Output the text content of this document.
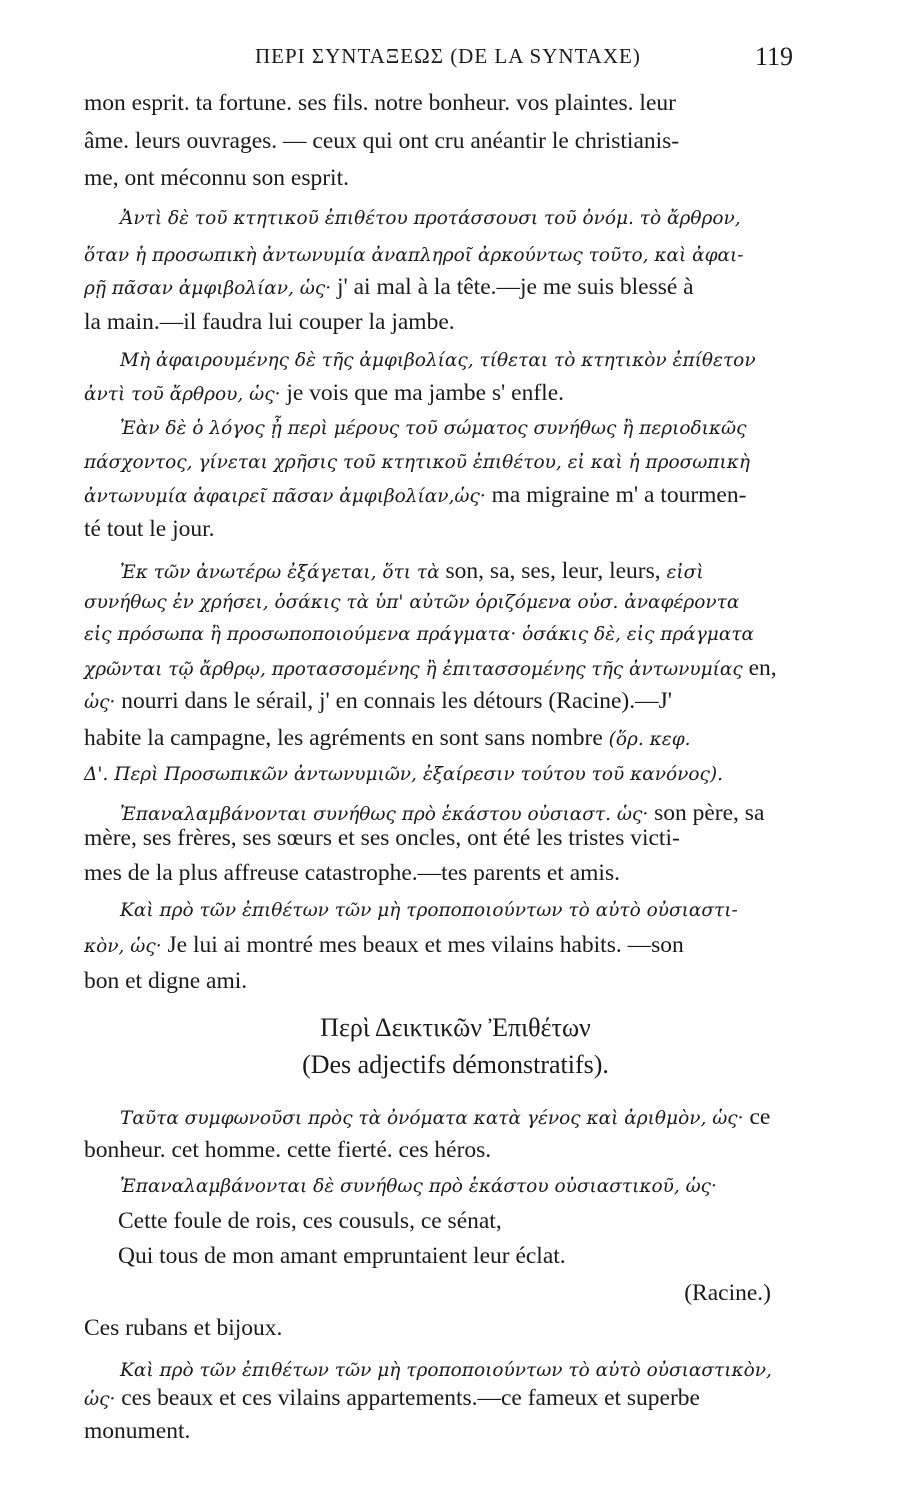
ΠΕΡΙ ΣΥΝΤΑΞΕΩΣ (DE LA SYNTAXE)	119
mon esprit. ta fortune. ses fils. notre bonheur. vos plaintes. leur
âme. leurs ouvrages. — ceux qui ont cru anéantir le christianis-
me, ont méconnu son esprit.
Ἀντὶ δὲ τοῦ κτητικοῦ ἐπιθέτου προτάσσουσι τοῦ ὀνόμ. τὸ ἄρθρον,
ὅταν ἡ προσωπικὴ ἀντωνυμία ἀναπληροῖ ἀρκούντως τοῦτο, καὶ ἀφαι-
ρῇ πᾶσαν ἀμφιβολίαν, ὡς· j' ai mal à la tête.—je me suis blessé à
la main.—il faudra lui couper la jambe.
Μὴ ἀφαιρουμένης δὲ τῆς ἀμφιβολίας, τίθεται τὸ κτητικὸν ἐπίθετον
ἀντὶ τοῦ ἄρθρου, ὡς· je vois que ma jambe s' enfle.
Ἐὰν δὲ ὁ λόγος ᾖ περὶ μέρους τοῦ σώματος συνήθως ἢ περιοδικῶς
πάσχοντος, γίνεται χρῆσις τοῦ κτητικοῦ ἐπιθέτου, εἰ καὶ ἡ προσωπικὴ
ἀντωνυμία ἀφαιρεῖ πᾶσαν ἀμφιβολίαν,ὡς· ma migraine m' a tourmen-
té tout le jour.
Ἐκ τῶν ἀνωτέρω ἐξάγεται, ὅτι τὰ son, sa, ses, leur, leurs, εἰσὶ
συνήθως ἐν χρήσει, ὁσάκις τὰ ὑπ' αὐτῶν ὁριζόμενα οὐσ. ἀναφέροντα
εἰς πρόσωπα ἢ προσωποποιούμενα πράγματα· ὁσάκις δὲ, εἰς πράγματα
χρῶνται τῷ ἄρθρῳ, προτασσομένης ἢ ἐπιτασσομένης τῆς ἀντωνυμίας en,
ὡς· nourri dans le sérail, j' en connais les détours (Racine).—J'
habite la campagne, les agréments en sont sans nombre (ὅρ. κεφ.
Δ'. Περὶ Προσωπικῶν ἀντωνυμιῶν, ἐξαίρεσιν τούτου τοῦ κανόνος).
Ἐπαναλαμβάνονται συνήθως πρὸ ἑκάστου οὐσιαστ. ὡς· son père, sa
mère, ses frères, ses sœurs et ses oncles, ont été les tristes victi-
mes de la plus affreuse catastrophe.—tes parents et amis.
Καὶ πρὸ τῶν ἐπιθέτων τῶν μὴ τροποποιούντων τὸ αὐτὸ οὐσιαστι-
κὸν, ὡς· Je lui ai montré mes beaux et mes vilains habits. —son
bon et digne ami.
Περὶ Δεικτικῶν Ἐπιθέτων
(Des adjectifs démonstratifs).
Ταῦτα συμφωνοῦσι πρὸς τὰ ὀνόματα κατὰ γένος καὶ ἀριθμὸν, ὡς· ce
bonheur. cet homme. cette fierté. ces héros.
Ἐπαναλαμβάνονται δὲ συνήθως πρὸ ἑκάστου οὐσιαστικοῦ, ὡς·
Cette foule de rois, ces cousuls, ce sénat,
Qui tous de mon amant empruntaient leur éclat.
(Racine.)
Ces rubans et bijoux.
Καὶ πρὸ τῶν ἐπιθέτων τῶν μὴ τροποποιούντων τὸ αὐτὸ οὐσιαστικὸν,
ὡς· ces beaux et ces vilains appartements.—ce fameux et superbe
monument.
